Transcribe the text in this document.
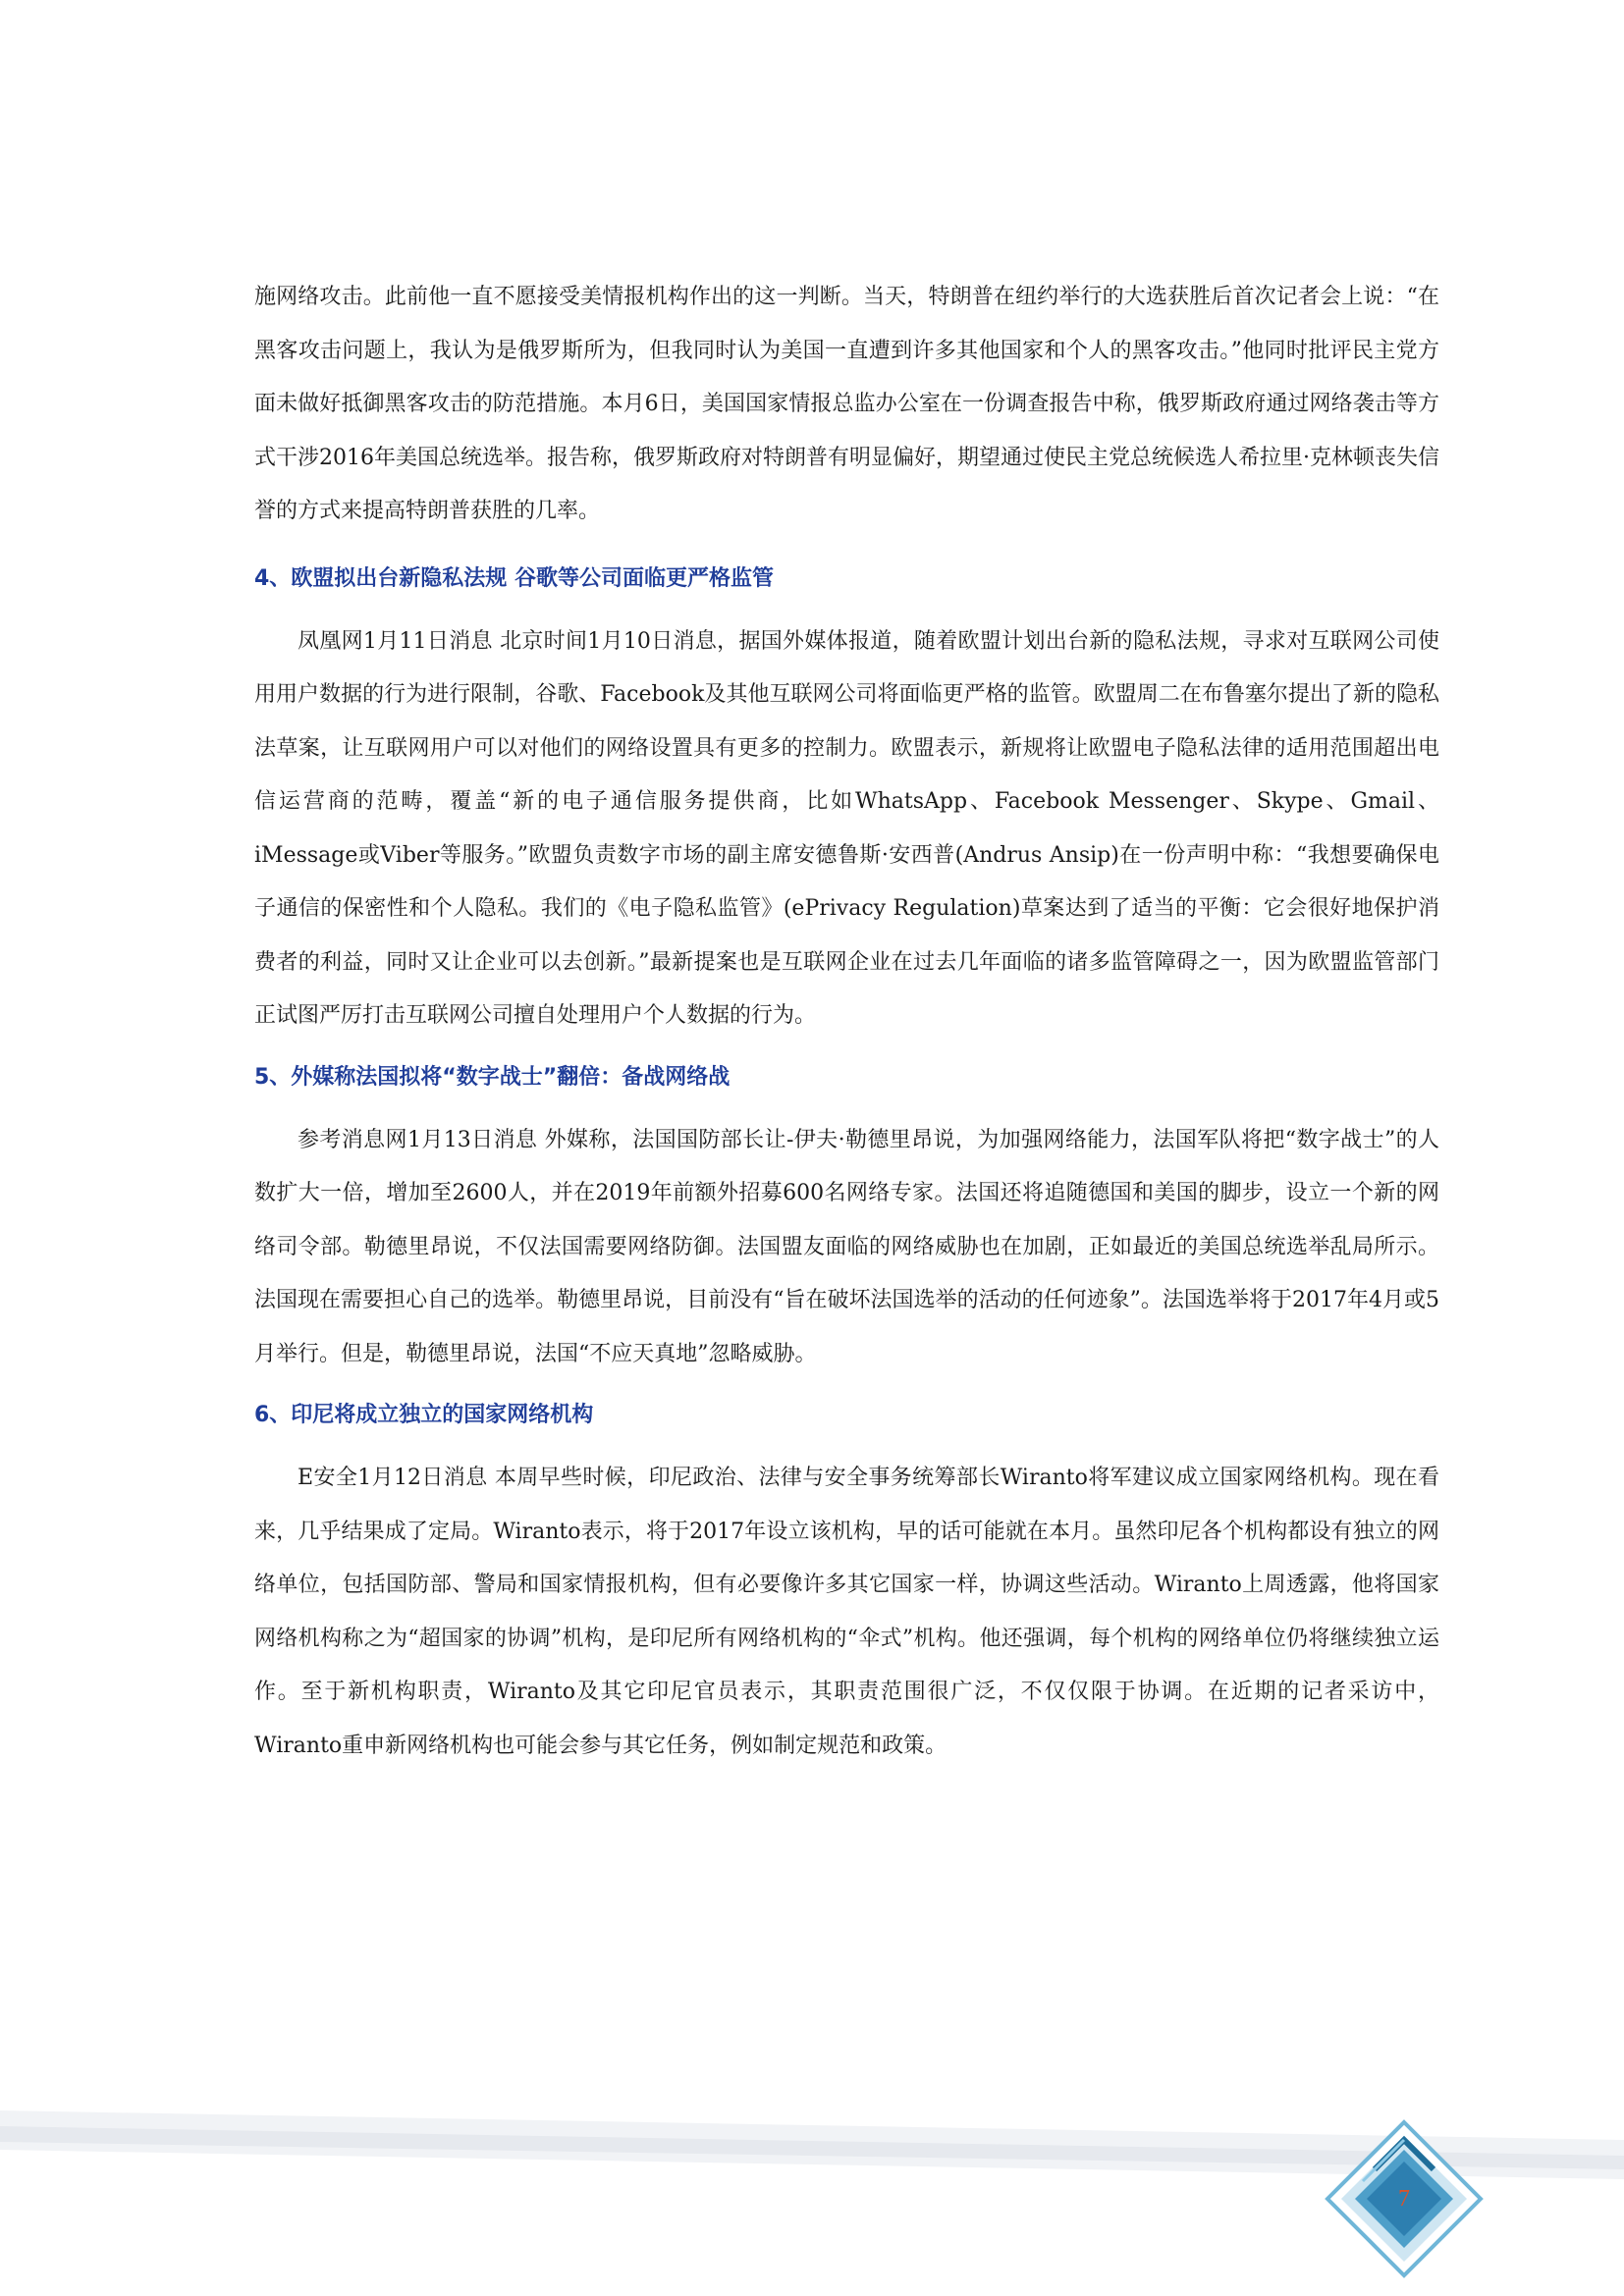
施网络攻击。此前他一直不愿接受美情报机构作出的这一判断。当天，特朗普在纽约举行的大选获胜后首次记者会上说：“在黑客攻击问题上，我认为是俄罗斯所为，但我同时认为美国一直遭到许多其他国家和个人的黑客攻击。”他同时批评民主党方面未做好抵御黑客攻击的防范措施。本月6日，美国国家情报总监办公室在一份调查报告中称，俄罗斯政府通过网络袭击等方式干涉2016年美国总统选举。报告称，俄罗斯政府对特朗普有明显偏好，期望通过使民主党总统候选人希拉里·克林顿丧失信誉的方式来提高特朗普获胜的几率。

4、欧盟拟出台新隐私法规 谷歌等公司面临更严格监管

凤凰网1月11日消息 北京时间1月10日消息，据国外媒体报道，随着欧盟计划出台新的隐私法规，寻求对互联网公司使用用户数据的行为进行限制，谷歌、Facebook及其他互联网公司将面临更严格的监管。欧盟周二在布鲁塞尔提出了新的隐私法草案，让互联网用户可以对他们的网络设置具有更多的控制力。欧盟表示，新规将让欧盟电子隐私法律的适用范围超出电信运营商的范畴，覆盖“新的电子通信服务提供商，比如WhatsApp、Facebook Messenger、Skype、Gmail、iMessage或Viber等服务。”欧盟负责数字市场的副主席安德鲁斯·安西普(Andrus Ansip)在一份声明中称：“我想要确保电子通信的保密性和个人隐私。我们的《电子隐私监管》(ePrivacy Regulation)草案达到了适当的平衡：它会很好地保护消费者的利益，同时又让企业可以去创新。”最新提案也是互联网企业在过去几年面临的诸多监管障碍之一，因为欧盟监管部门正试图严厉打击互联网公司擅自处理用户个人数据的行为。

5、外媒称法国拟将“数字战士”翻倍：备战网络战

参考消息网1月13日消息 外媒称，法国国防部长让-伊夫·勒德里昂说，为加强网络能力，法国军队将把“数字战士”的人数扩大一倍，增加至2600人，并在2019年前额外招募600名网络专家。法国还将追随德国和美国的脚步，设立一个新的网络司令部。勒德里昂说，不仅法国需要网络防御。法国盟友面临的网络威胁也在加剧，正如最近的美国总统选举乱局所示。法国现在需要担心自己的选举。勒德里昂说，目前没有“旨在破坏法国选举的活动的任何迹象”。法国选举将于2017年4月或5月举行。但是，勒德里昂说，法国“不应天真地”忽略威胁。

6、印尼将成立独立的国家网络机构

E安全1月12日消息 本周早些时候，印尼政治、法律与安全事务统筹部长Wiranto将军建议成立国家网络机构。现在看来，几乎结果成了定局。Wiranto表示，将于2017年设立该机构，早的话可能就在本月。虽然印尼各个机构都设有独立的网络单位，包括国防部、警局和国家情报机构，但有必要像许多其它国家一样，协调这些活动。Wiranto上周透露，他将国家网络机构称之为“超国家的协调”机构，是印尼所有网络机构的“伞式”机构。他还强调，每个机构的网络单位仍将继续独立运作。至于新机构职责，Wiranto及其它印尼官员表示，其职责范围很广泛，不仅仅限于协调。在近期的记者采访中，Wiranto重申新网络机构也可能会参与其它任务，例如制定规范和政策。

7
